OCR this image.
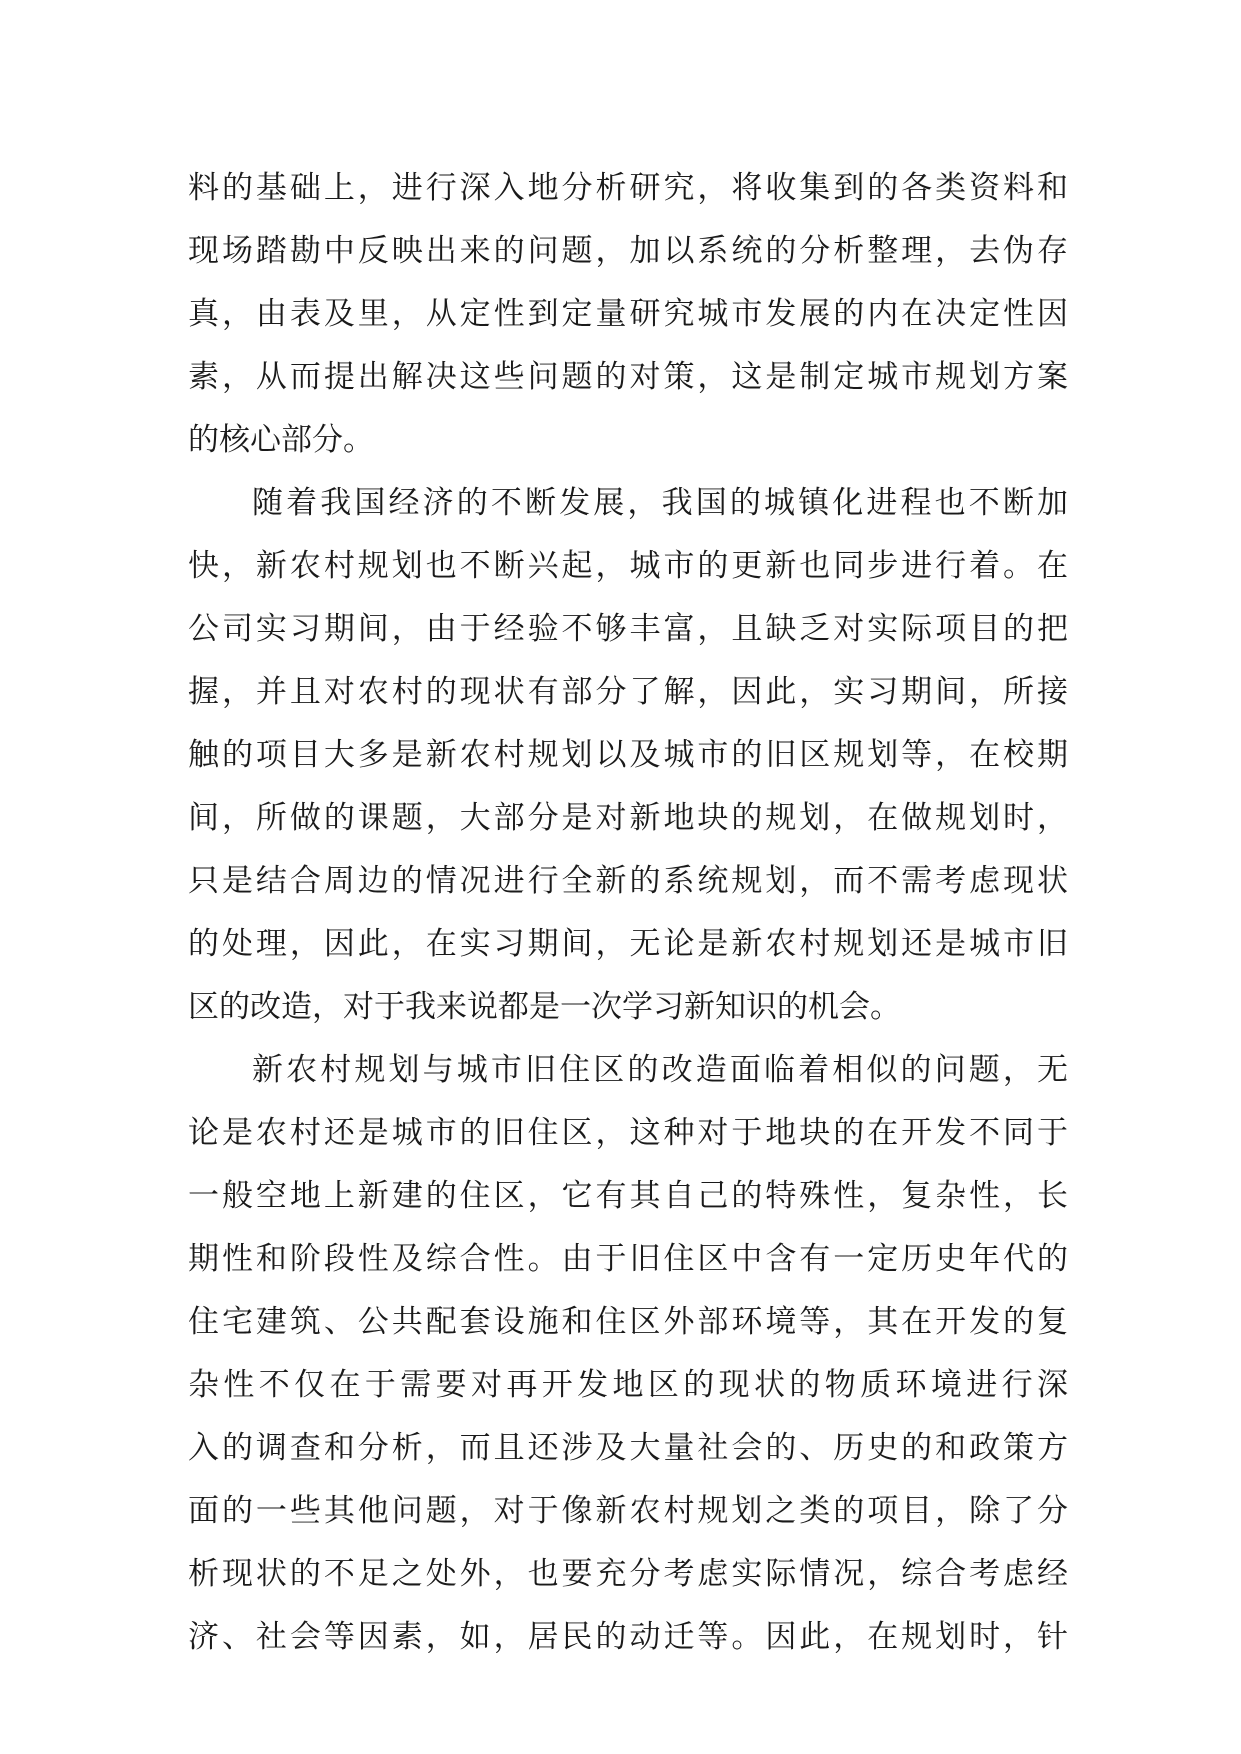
料的基础上，进行深入地分析研究，将收集到的各类资料和
现场踏勘中反映出来的问题，加以系统的分析整理，去伪存
真，由表及里，从定性到定量研究城市发展的内在决定性因
素，从而提出解决这些问题的对策，这是制定城市规划方案
的核心部分。
随着我国经济的不断发展，我国的城镇化进程也不断加
快，新农村规划也不断兴起，城市的更新也同步进行着。在
公司实习期间，由于经验不够丰富，且缺乏对实际项目的把
握，并且对农村的现状有部分了解，因此，实习期间，所接
触的项目大多是新农村规划以及城市的旧区规划等，在校期
间，所做的课题，大部分是对新地块的规划，在做规划时，
只是结合周边的情况进行全新的系统规划，而不需考虑现状
的处理，因此，在实习期间，无论是新农村规划还是城市旧
区的改造，对于我来说都是一次学习新知识的机会。
新农村规划与城市旧住区的改造面临着相似的问题，无
论是农村还是城市的旧住区，这种对于地块的在开发不同于
一般空地上新建的住区，它有其自己的特殊性，复杂性，长
期性和阶段性及综合性。由于旧住区中含有一定历史年代的
住宅建筑、公共配套设施和住区外部环境等，其在开发的复
杂性不仅在于需要对再开发地区的现状的物质环境进行深
入的调查和分析，而且还涉及大量社会的、历史的和政策方
面的一些其他问题，对于像新农村规划之类的项目，除了分
析现状的不足之处外，也要充分考虑实际情况，综合考虑经
济、社会等因素，如，居民的动迁等。因此，在规划时，针
